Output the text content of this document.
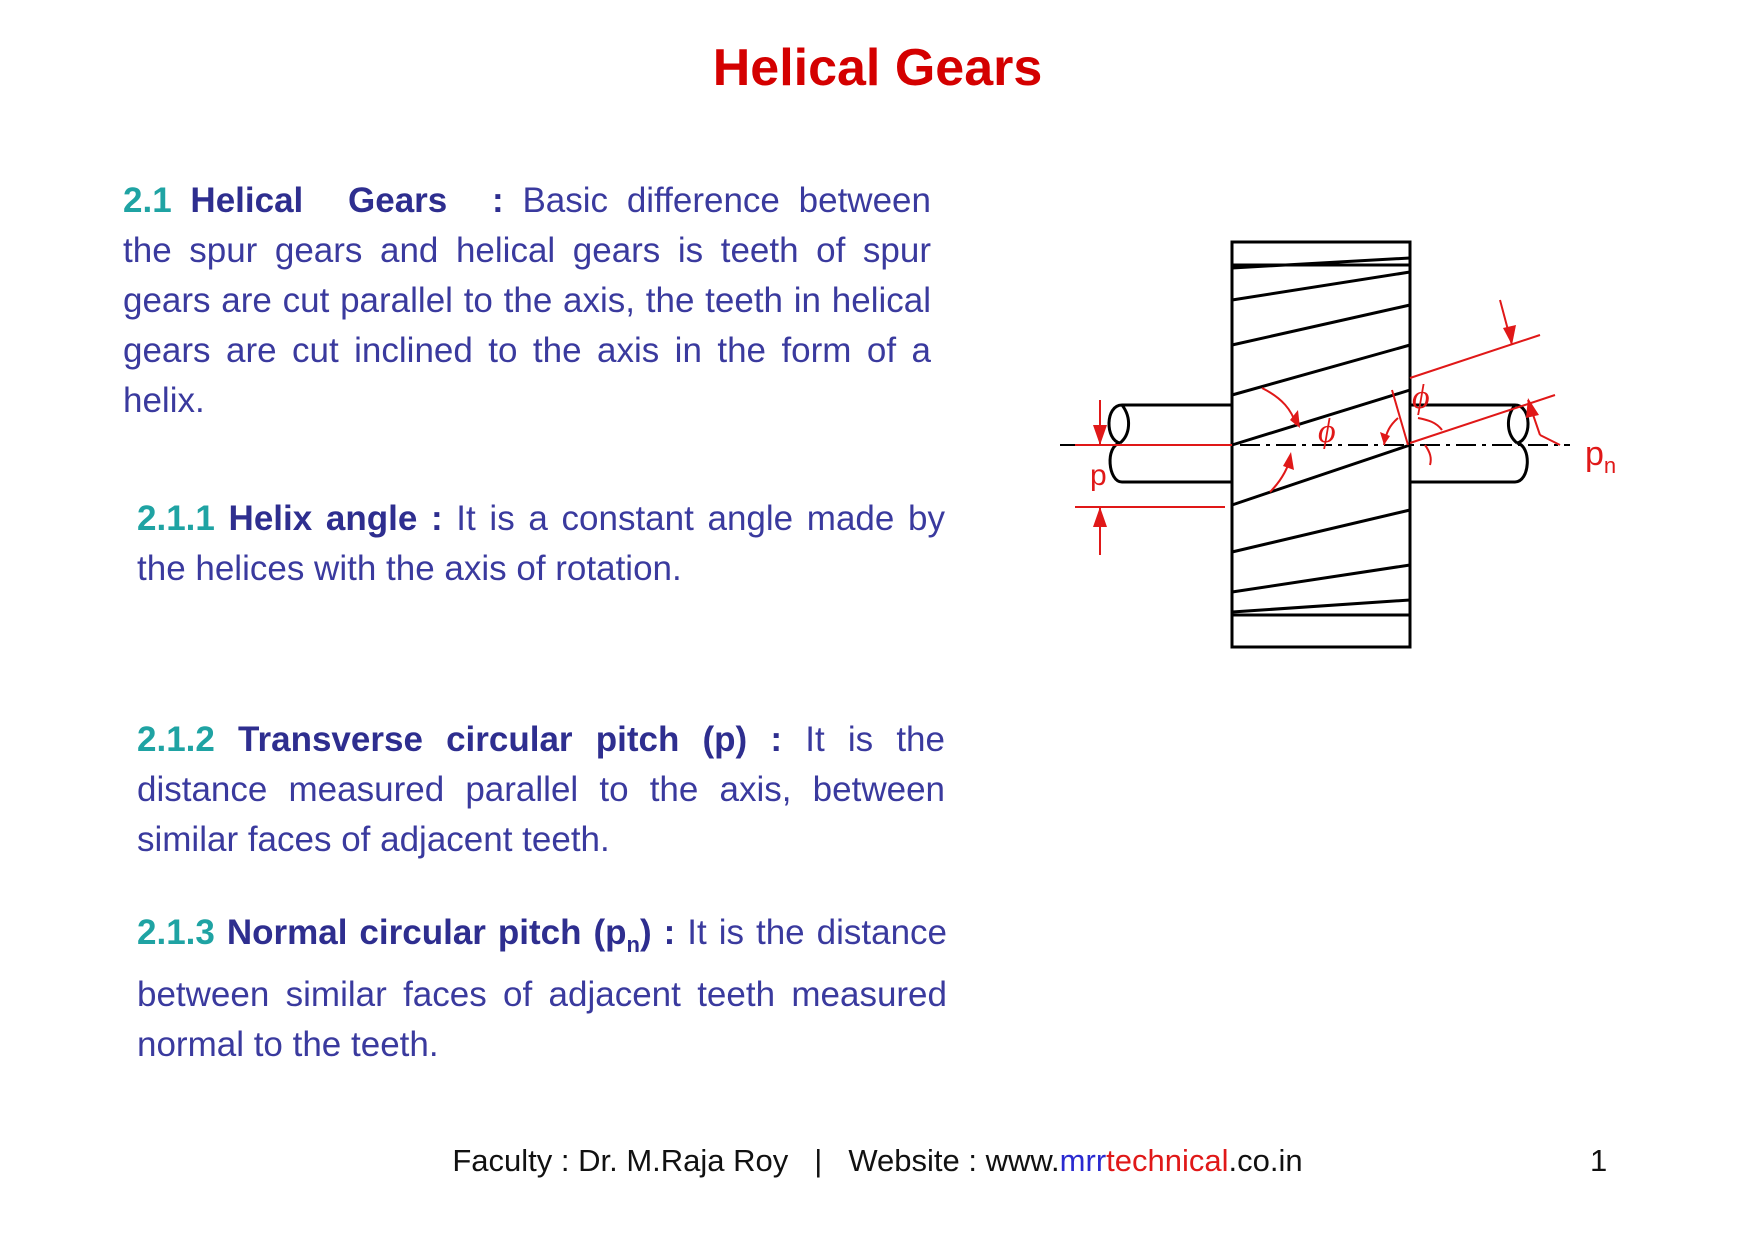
Helical Gears
2.1 Helical Gears : Basic difference between the spur gears and helical gears is teeth of spur gears are cut parallel to the axis, the teeth in helical gears are cut inclined to the axis in the form of a helix.
2.1.1 Helix angle : It is a constant angle made by the helices with the axis of rotation.
2.1.2 Transverse circular pitch (p) : It is the distance measured parallel to the axis, between similar faces of adjacent teeth.
2.1.3 Normal circular pitch $(p_n)$ : It is the distance between similar faces of adjacent teeth measured normal to the teeth.
ϕ
ϕ
p
$p_n$
Faculty : Dr. M.Raja Roy | Website : www.mrrtechnical.co.in	1
